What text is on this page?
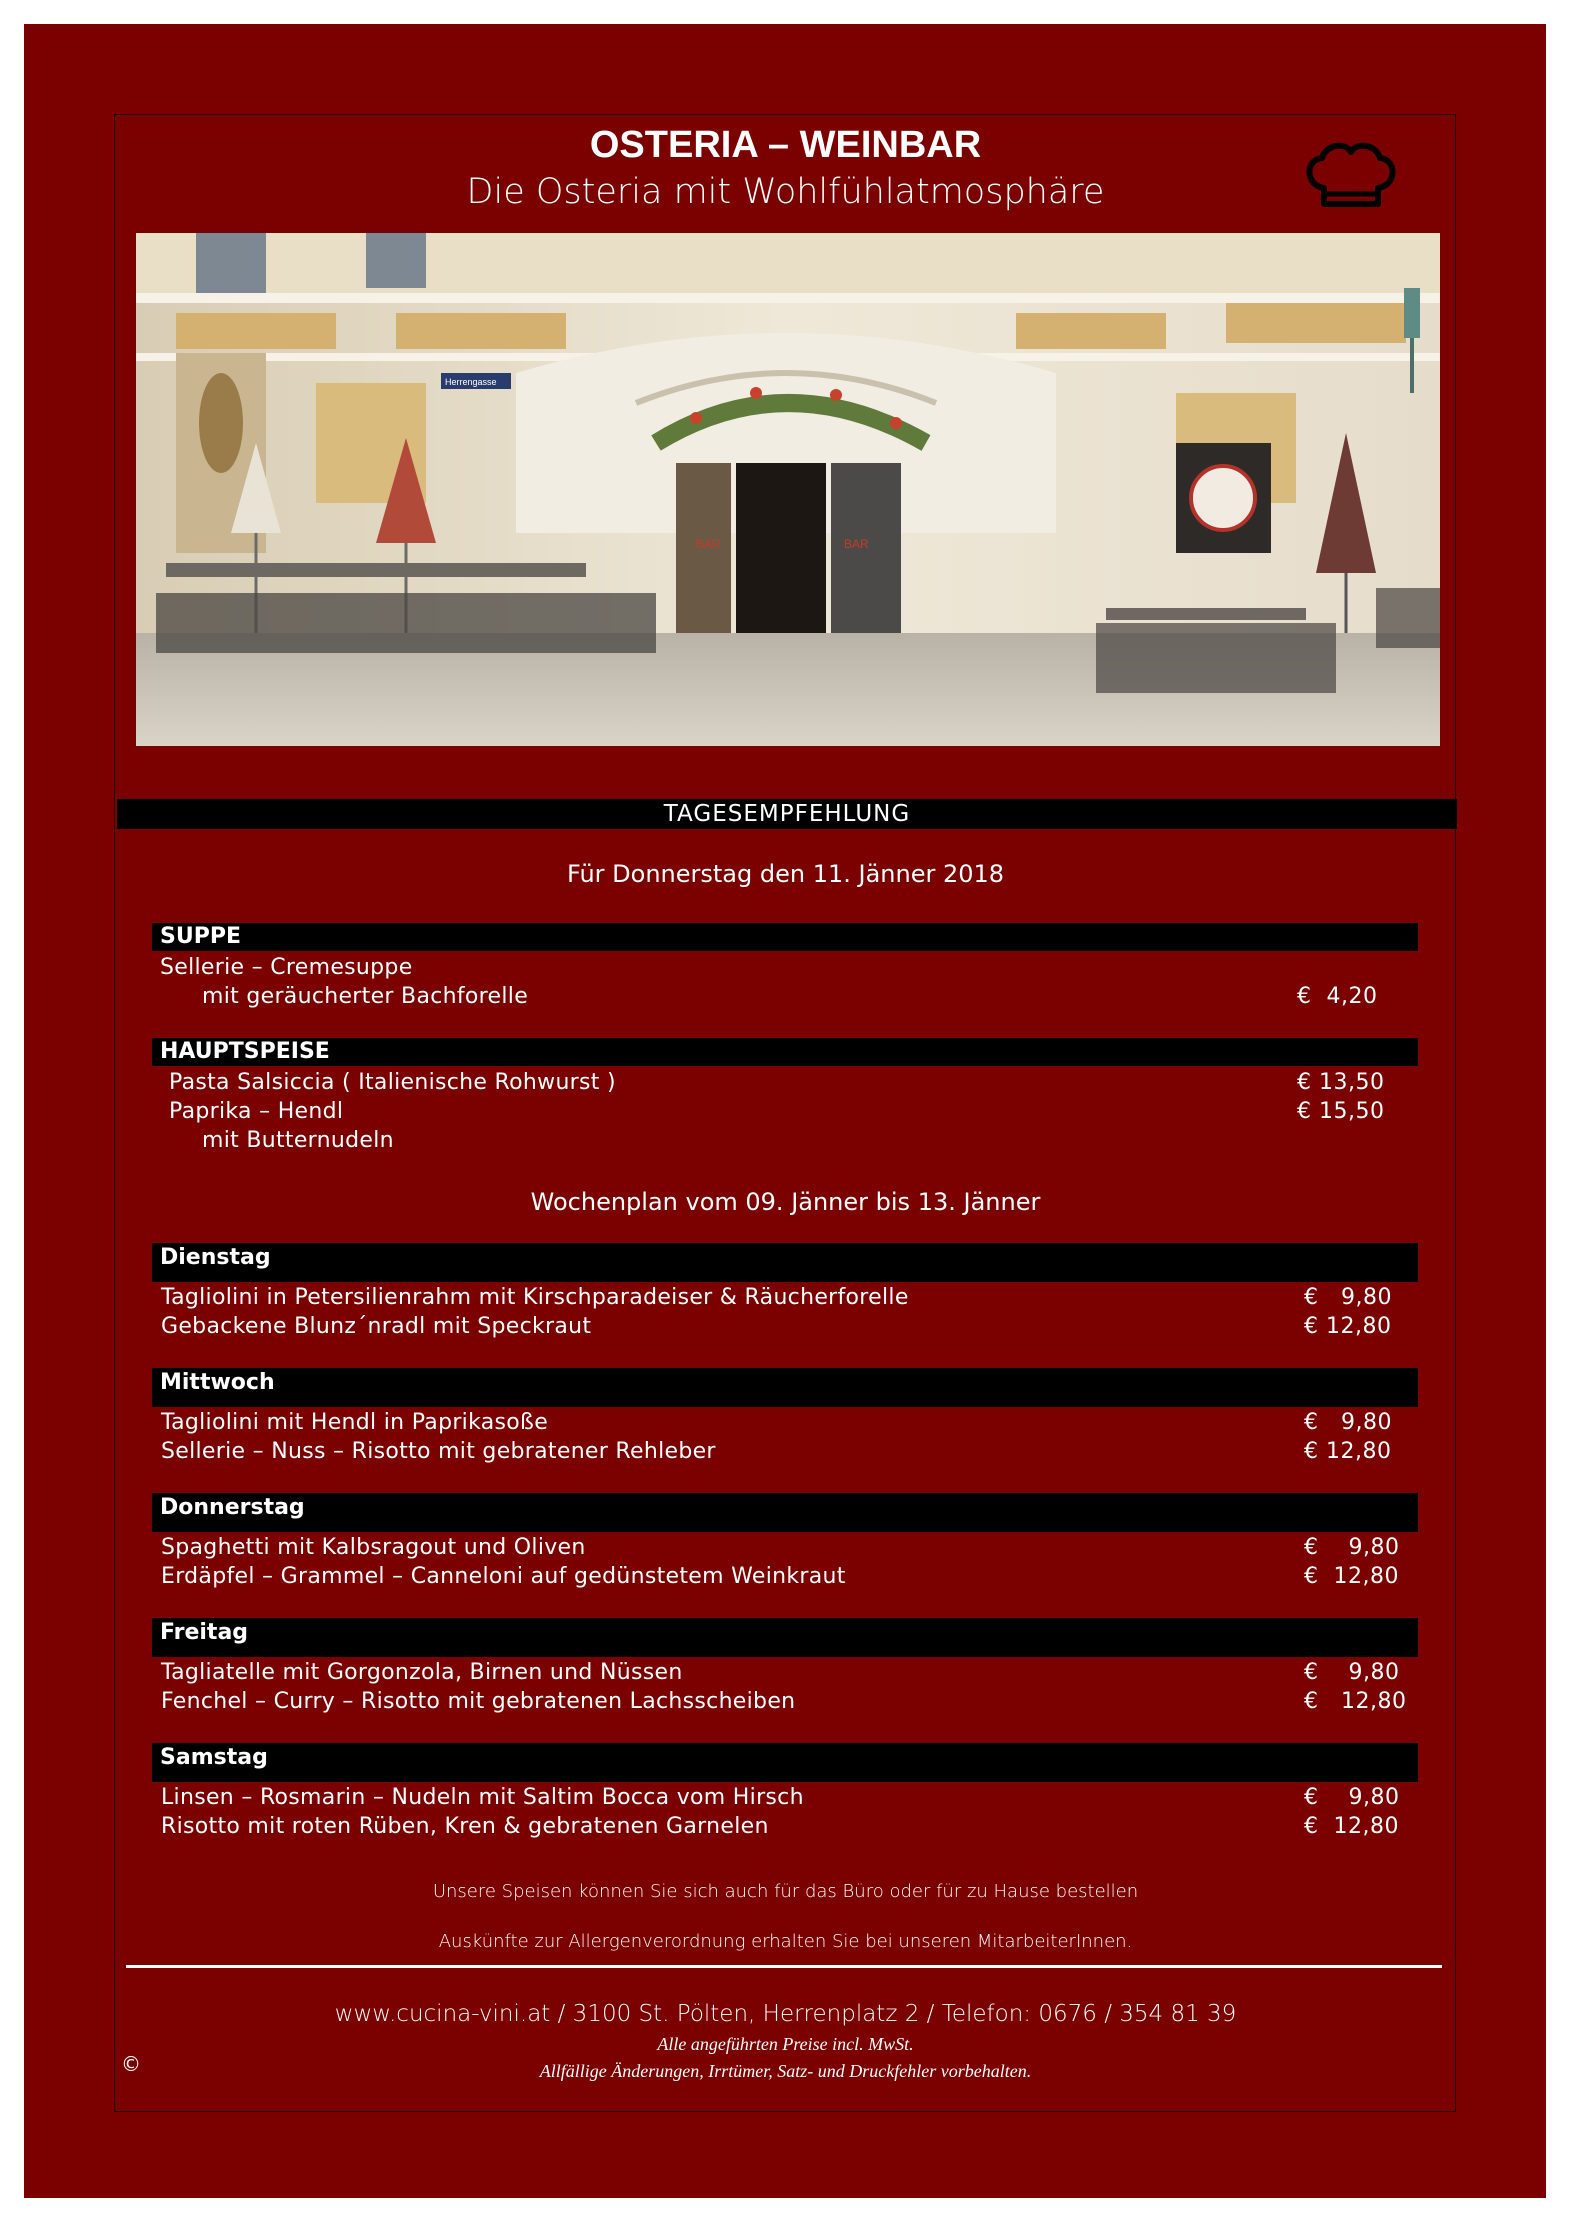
OSTERIA – WEINBAR
Die Osteria mit Wohlfühlatmosphäre
BAR	BAR
Herrengasse
TAGESEMPFEHLUNG
Für Donnerstag den 11. Jänner 2018
SUPPE
Sellerie – Cremesuppe
mit geräucherter Bachforelle	€  4,20
HAUPTSPEISE
Pasta Salsiccia ( Italienische Rohwurst )	€ 13,50
Paprika – Hendl	€ 15,50
mit Butternudeln
Wochenplan vom 09. Jänner bis 13. Jänner
Dienstag
Tagliolini in Petersilienrahm mit Kirschparadeiser & Räucherforelle	€   9,80
Gebackene Blunz´nradl mit Speckraut	€ 12,80
Mittwoch
Tagliolini mit Hendl in Paprikasoße	€   9,80
Sellerie – Nuss – Risotto mit gebratener Rehleber	€ 12,80
Donnerstag
Spaghetti mit Kalbsragout und Oliven	€    9,80
Erdäpfel – Grammel – Canneloni auf gedünstetem Weinkraut	€  12,80
Freitag
Tagliatelle mit Gorgonzola, Birnen und Nüssen	€    9,80
Fenchel – Curry – Risotto mit gebratenen Lachsscheiben	€   12,80
Samstag
Linsen – Rosmarin – Nudeln mit Saltim Bocca vom Hirsch	€    9,80
Risotto mit roten Rüben, Kren & gebratenen Garnelen	€  12,80
Unsere Speisen können Sie sich auch für das Büro oder für zu Hause bestellen
Auskünfte zur Allergenverordnung erhalten Sie bei unseren MitarbeiterInnen.
www.cucina-vini.at / 3100 St. Pölten, Herrenplatz 2 / Telefon: 0676 / 354 81 39
Alle angeführten Preise incl. MwSt.
Allfällige Änderungen, Irrtümer, Satz- und Druckfehler vorbehalten.
©
